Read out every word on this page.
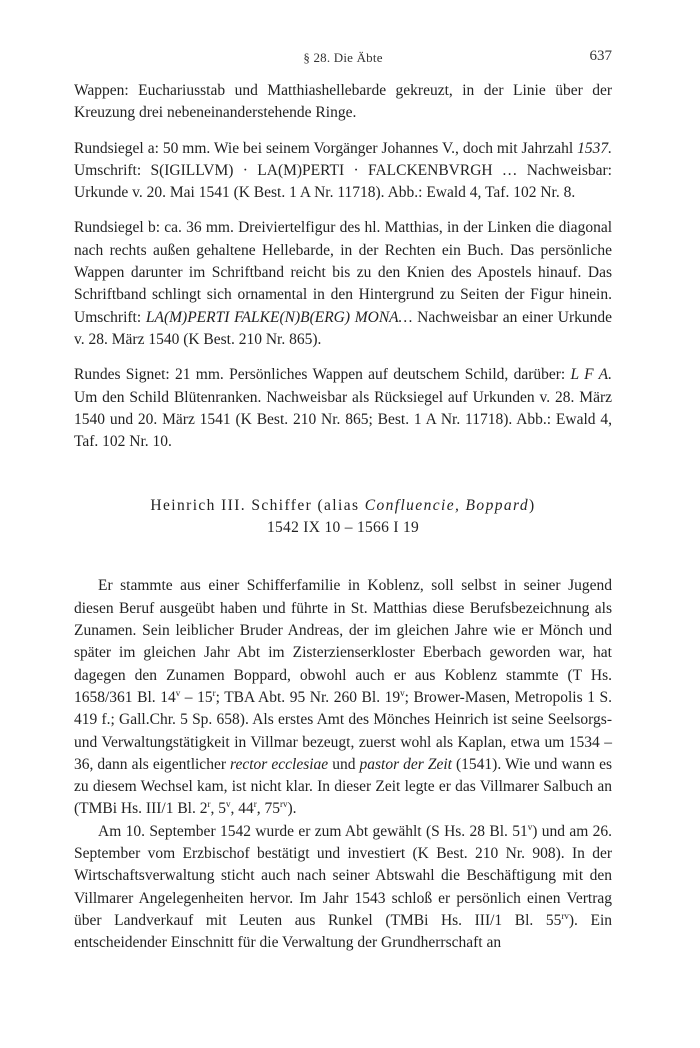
§ 28. Die Äbte	637

Wappen: Euchariusstab und Matthiashellebarde gekreuzt, in der Linie über der Kreuzung drei nebeneinanderstehende Ringe.

Rundsiegel a: 50 mm. Wie bei seinem Vorgänger Johannes V., doch mit Jahrzahl 1537. Umschrift: S(IGILLVM) · LA(M)PERTI · FALCKENBVRGH … Nachweisbar: Urkunde v. 20. Mai 1541 (K Best. 1 A Nr. 11718). Abb.: Ewald 4, Taf. 102 Nr. 8.

Rundsiegel b: ca. 36 mm. Dreiviertelfigur des hl. Matthias, in der Linken die diagonal nach rechts außen gehaltene Hellebarde, in der Rechten ein Buch. Das persönliche Wappen darunter im Schriftband reicht bis zu den Knien des Apostels hinauf. Das Schriftband schlingt sich ornamental in den Hintergrund zu Seiten der Figur hinein. Umschrift: LA(M)PERTI FALKE(N)B(ERG) MONA… Nachweisbar an einer Urkunde v. 28. März 1540 (K Best. 210 Nr. 865).

Rundes Signet: 21 mm. Persönliches Wappen auf deutschem Schild, darüber: L F A. Um den Schild Blütenranken. Nachweisbar als Rücksiegel auf Urkunden v. 28. März 1540 und 20. März 1541 (K Best. 210 Nr. 865; Best. 1 A Nr. 11718). Abb.: Ewald 4, Taf. 102 Nr. 10.

Heinrich III. Schiffer (alias Confluencie, Boppard)
1542 IX 10 – 1566 I 19

Er stammte aus einer Schifferfamilie in Koblenz, soll selbst in seiner Jugend diesen Beruf ausgeübt haben und führte in St. Matthias diese Berufsbezeichnung als Zunamen. Sein leiblicher Bruder Andreas, der im gleichen Jahre wie er Mönch und später im gleichen Jahr Abt im Zisterzienserkloster Eberbach geworden war, hat dagegen den Zunamen Boppard, obwohl auch er aus Koblenz stammte (T Hs. 1658/361 Bl. 14$^v$ – 15$^r$; TBA Abt. 95 Nr. 260 Bl. 19$^v$; Brower-Masen, Metropolis 1 S. 419 f.; Gall.Chr. 5 Sp. 658). Als erstes Amt des Mönches Heinrich ist seine Seelsorgs- und Verwaltungstätigkeit in Villmar bezeugt, zuerst wohl als Kaplan, etwa um 1534 – 36, dann als eigentlicher rector ecclesiae und pastor der Zeit (1541). Wie und wann es zu diesem Wechsel kam, ist nicht klar. In dieser Zeit legte er das Villmarer Salbuch an (TMBi Hs. III/1 Bl. 2$^r$, 5$^v$, 44$^r$, $75^{rv}$).

Am 10. September 1542 wurde er zum Abt gewählt (S Hs. 28 Bl. 51$^v$) und am 26. September vom Erzbischof bestätigt und investiert (K Best. 210 Nr. 908). In der Wirtschaftsverwaltung sticht auch nach seiner Abtswahl die Beschäftigung mit den Villmarer Angelegenheiten hervor. Im Jahr 1543 schloß er persönlich einen Vertrag über Landverkauf mit Leuten aus Runkel (TMBi Hs. III/1 Bl. $55^{rv}$). Ein entscheidender Einschnitt für die Verwaltung der Grundherrschaft an
